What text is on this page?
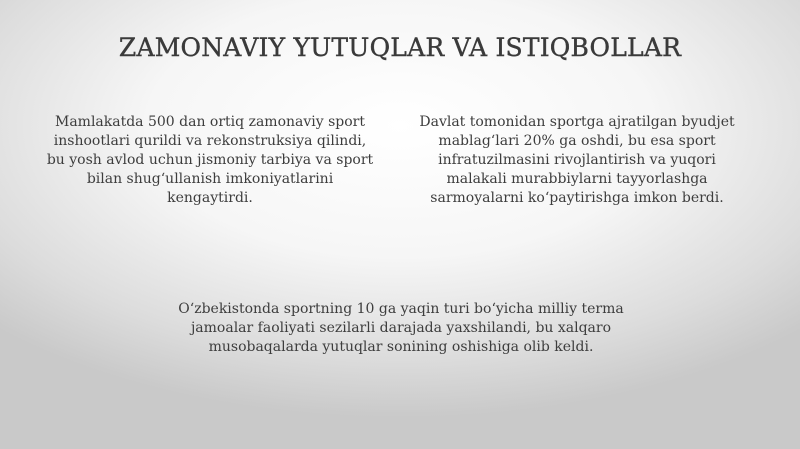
ZAMONAVIY YUTUQLAR VA ISTIQBOLLAR

Mamlakatda 500 dan ortiq zamonaviy sport inshootlari qurildi va rekonstruksiya qilindi, bu yosh avlod uchun jismoniy tarbiya va sport bilan shugʻullanish imkoniyatlarini kengaytirdi.

Davlat tomonidan sportga ajratilgan byudjet mablagʻlari 20% ga oshdi, bu esa sport infratuzilmasini rivojlantirish va yuqori malakali murabbiylarni tayyorlashga sarmoyalarni koʻpaytirishga imkon berdi.

Oʻzbekistonda sportning 10 ga yaqin turi boʻyicha milliy terma jamoalar faoliyati sezilarli darajada yaxshilandi, bu xalqaro musobaqalarda yutuqlar sonining oshishiga olib keldi.
